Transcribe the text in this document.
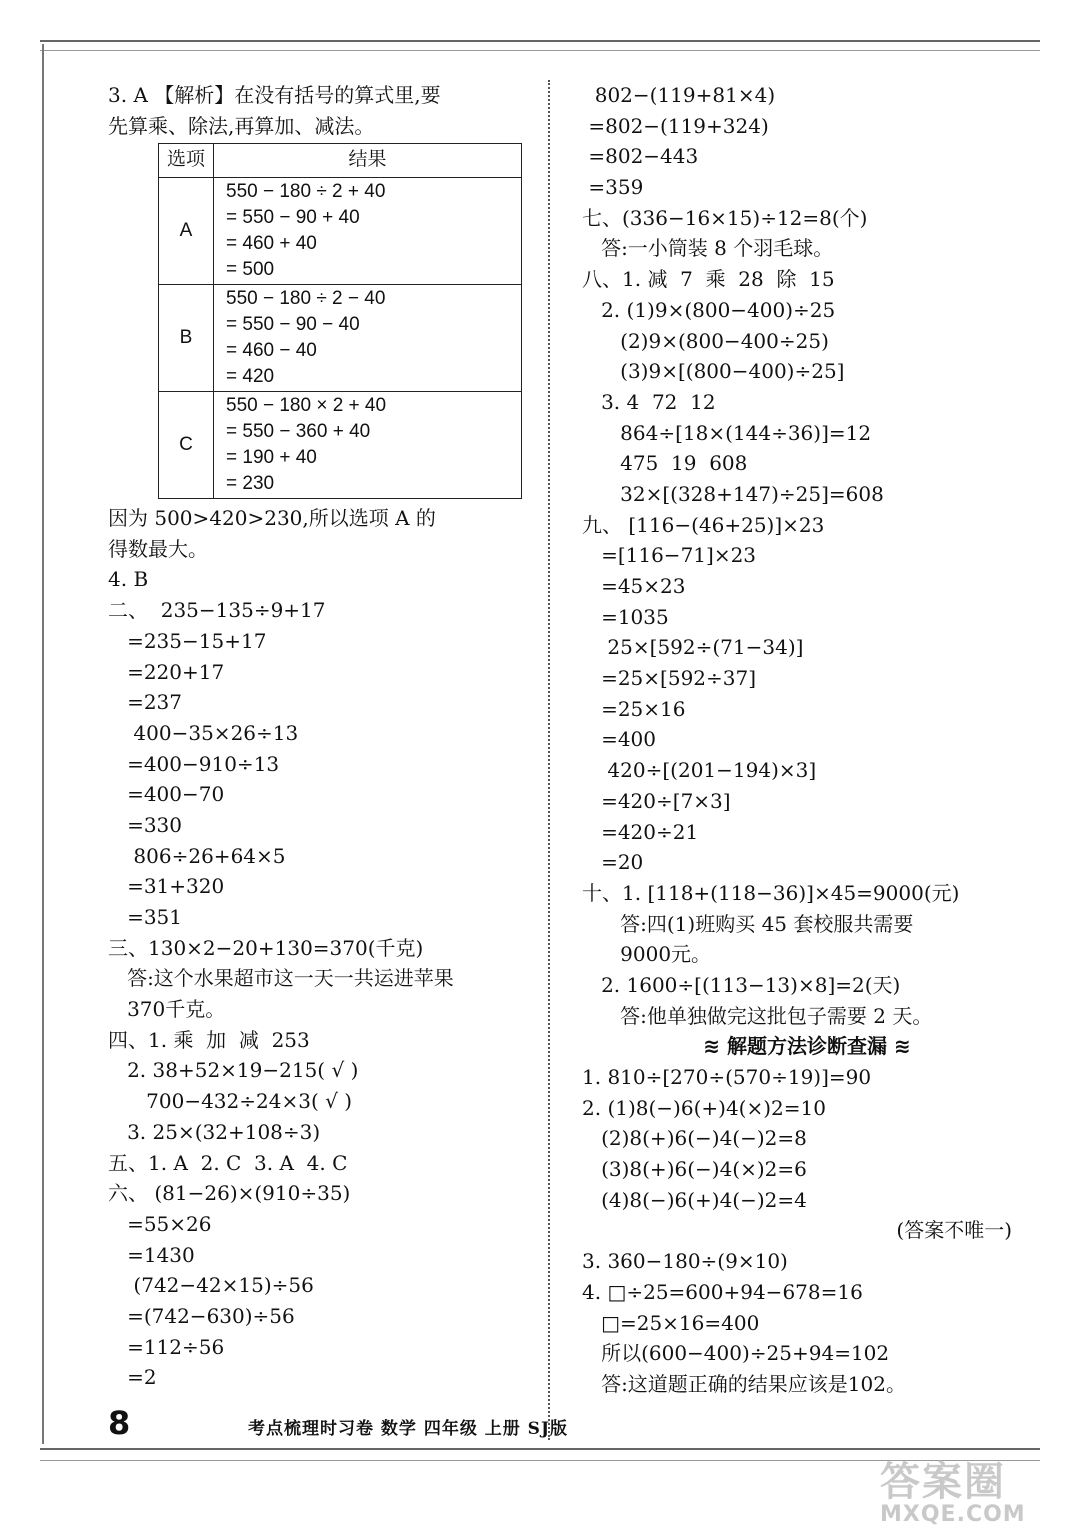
3. A 【解析】在没有括号的算式里,要
先算乘、除法,再算加、减法。
选项	结果
A	550 − 180 ÷ 2 + 40
= 550 − 90 + 40
= 460 + 40
= 500

B	550 − 180 ÷ 2 − 40
= 550 − 90 − 40
= 460 − 40
= 420

C	550 − 180 × 2 + 40
= 550 − 360 + 40
= 190 + 40
= 230
因为 500>420>230,所以选项 A 的
得数最大。
4. B
二、  235−135÷9+17
=235−15+17
=220+17
=237
400−35×26÷13
=400−910÷13
=400−70
=330
806÷26+64×5
=31+320
=351
三、130×2−20+130=370(千克)
答:这个水果超市这一天一共运进苹果
370千克。
四、1. 乘  加  减  253
2. 38+52×19−215( √ )
700−432÷24×3( √ )
3. 25×(32+108÷3)
五、1. A  2. C  3. A  4. C
六、 (81−26)×(910÷35)
=55×26
=1430
(742−42×15)÷56
=(742−630)÷56
=112÷56
=2
802−(119+81×4)
=802−(119+324)
=802−443
=359
七、(336−16×15)÷12=8(个)
答:一小筒装 8 个羽毛球。
八、1. 减  7  乘  28  除  15
2. (1)9×(800−400)÷25
(2)9×(800−400÷25)
(3)9×[(800−400)÷25]
3. 4  72  12
864÷[18×(144÷36)]=12
475  19  608
32×[(328+147)÷25]=608
九、 [116−(46+25)]×23
=[116−71]×23
=45×23
=1035
25×[592÷(71−34)]
=25×[592÷37]
=25×16
=400
420÷[(201−194)×3]
=420÷[7×3]
=420÷21
=20
十、1. [118+(118−36)]×45=9000(元)
答:四(1)班购买 45 套校服共需要
9000元。
2. 1600÷[(113−13)×8]=2(天)
答:他单独做完这批包子需要 2 天。
≋ 解题方法诊断查漏 ≋
1. 810÷[270÷(570÷19)]=90
2. (1)8(−)6(+)4(×)2=10
(2)8(+)6(−)4(−)2=8
(3)8(+)6(−)4(×)2=6
(4)8(−)6(+)4(−)2=4
(答案不唯一)
3. 360−180÷(9×10)
4. □÷25=600+94−678=16
□=25×16=400
所以(600−400)÷25+94=102
答:这道题正确的结果应该是102。
8	考点梳理时习卷 数学 四年级 上册 SJ版
答案圈
MXQE.COM
